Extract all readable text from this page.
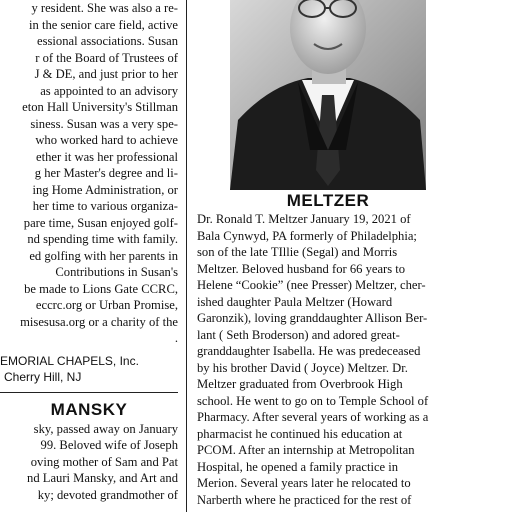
y resident. She was also a re-
in the senior care field, active
essional associations. Susan
r of the Board of Trustees of
J & DE, and just prior to her
as appointed to an advisory
eton Hall University's Stillman
siness. Susan was a very spe-
who worked hard to achieve
ether it was her professional
g her Master's degree and li-
ing Home Administration, or
her time to various organiza-
pare time, Susan enjoyed golf-
nd spending time with family.
ed golfing with her parents in
Contributions in Susan's
be made to Lions Gate CCRC,
eccrc.org or Urban Promise,
misesusa.org or a charity of the
.
EMORIAL CHAPELS, Inc.
Cherry Hill, NJ
MANSKY
sky, passed away on January
99. Beloved wife of Joseph
oving mother of Sam and Pat
nd Lauri Mansky, and Art and
ky; devoted grandmother of
MELTZER
Dr. Ronald T. Meltzer January 19, 2021 of
Bala Cynwyd, PA formerly of Philadelphia;
son of the late TIllie (Segal) and Morris
Meltzer. Beloved husband for 66 years to
Helene “Cookie” (nee Presser) Meltzer, cher-
ished daughter Paula Meltzer (Howard
Garonzik), loving granddaughter Allison Ber-
lant ( Seth Broderson) and adored great-
granddaughter Isabella. He was predeceased
by his brother David ( Joyce) Meltzer. Dr.
Meltzer graduated from Overbrook High
school. He went to go on to Temple School of
Pharmacy. After several years of working as a
pharmacist he continued his education at
PCOM. After an internship at Metropolitan
Hospital, he opened a family practice in
Merion. Several years later he relocated to
Narberth where he practiced for the rest of
